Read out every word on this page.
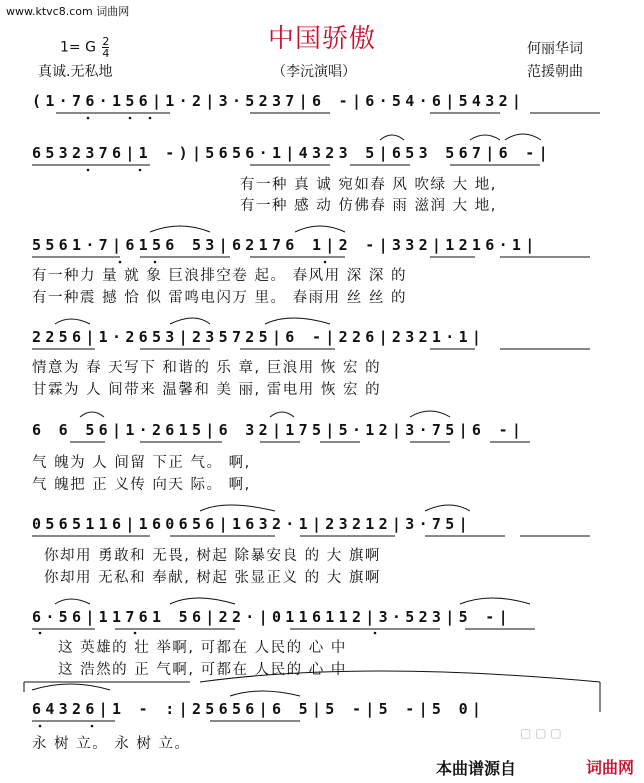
www.ktvc8.com 词曲网
中国骄傲
1= G $\frac{2}{4}$
真诚.无私地	（李沅演唱）
何丽华词
范援朝曲
(1·76·156|1·2|3·5237|6 -|6·54·6|5432|
6532376|1 -)|5656·1|4323 5|653 567|6 -|
有一种 真 诚 宛如春 风 吹绿 大 地,
有一种 感 动 仿佛春 雨 滋润 大 地,
5561·7|6156 53|62176 1|2 -|332|1216·1|
有一种力 量 就 象 巨浪排空卷 起。 春风用 深 深 的
有一种震 撼 恰 似 雷鸣电闪万 里。 春雨用 丝 丝 的
2256|1·2653|235725|6 -|226|2321·1|
情意为 春 天写下 和谐的 乐 章, 巨浪用 恢 宏 的
甘霖为 人 间带来 温馨和 美 丽, 雷电用 恢 宏 的
6 6 56|1·2615|6 32|175|5·12|3·75|6 -|
气 魄为 人 间留 下正 气。 啊,
气 魄把 正 义传 向天 际。 啊,
0565116|160656|1632·1|23212|3·75|
你却用 勇敢和 无畏, 树起 除暴安良 的 大 旗啊
你却用 无私和 奉献, 树起 张显正义 的 大 旗啊
6·56|11761 56|22·|0116112|3·523|5 -|
这 英雄的 壮 举啊, 可都在 人民的 心 中
这 浩然的 正 气啊, 可都在 人民的 心 中
64326|1 - :|25656|6 5|5 -|5 -|5 0|
永 树 立。 永 树 立。
▢ ▢ ▢
本曲谱源自	词曲网
